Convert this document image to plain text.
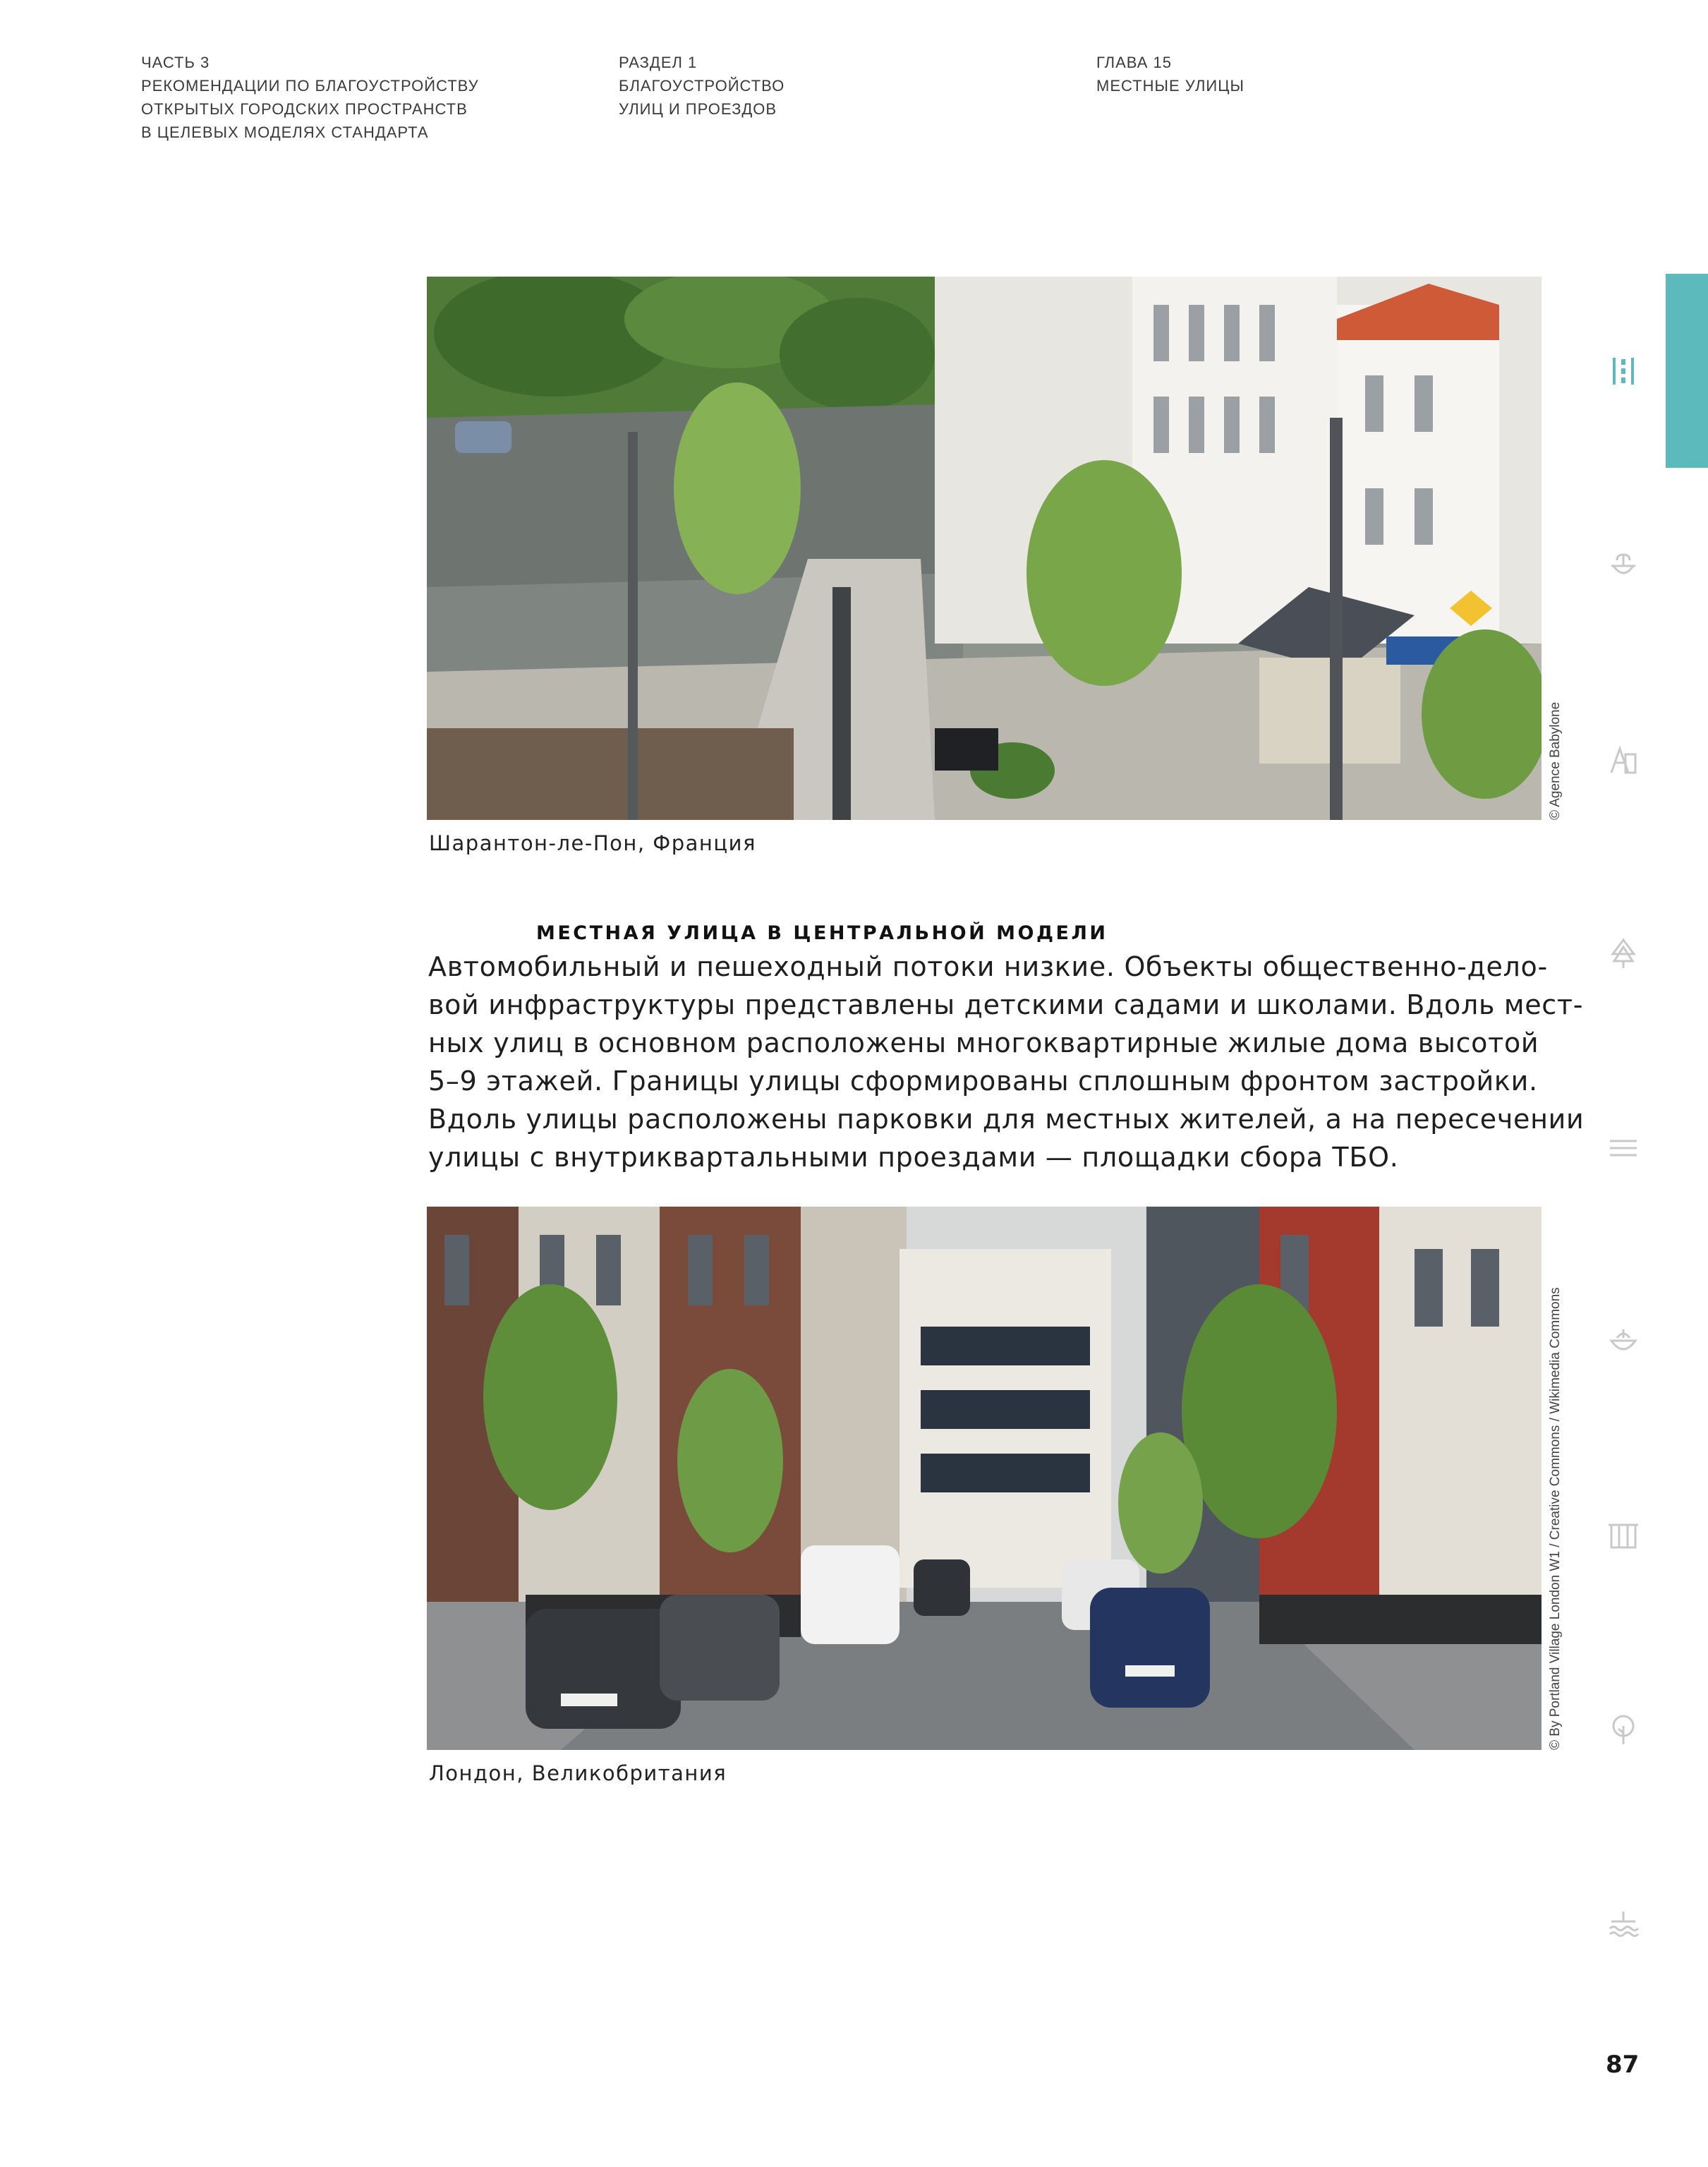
ЧАСТЬ 3
РЕКОМЕНДАЦИИ ПО БЛАГОУСТРОЙСТВУ
ОТКРЫТЫХ ГОРОДСКИХ ПРОСТРАНСТВ
В ЦЕЛЕВЫХ МОДЕЛЯХ СТАНДАРТА
РАЗДЕЛ 1
БЛАГОУСТРОЙСТВО
УЛИЦ И ПРОЕЗДОВ
ГЛАВА 15
МЕСТНЫЕ УЛИЦЫ
© Agence Babylone
Шарантон-ле-Пон, Франция
МЕСТНАЯ УЛИЦА В ЦЕНТРАЛЬНОЙ МОДЕЛИ
Автомобильный и пешеходный потоки низкие. Объекты общественно-дело-
вой инфраструктуры представлены детскими садами и школами. Вдоль мест-
ных улиц в основном расположены многоквартирные жилые дома высотой
5–9 этажей. Границы улицы сформированы сплошным фронтом застройки.
Вдоль улицы расположены парковки для местных жителей, а на пересечении
улицы с внутриквартальными проездами — площадки сбора ТБО.
© By Portland Village London W1 / Creative Commons / Wikimedia Commons
Лондон, Великобритания
87
